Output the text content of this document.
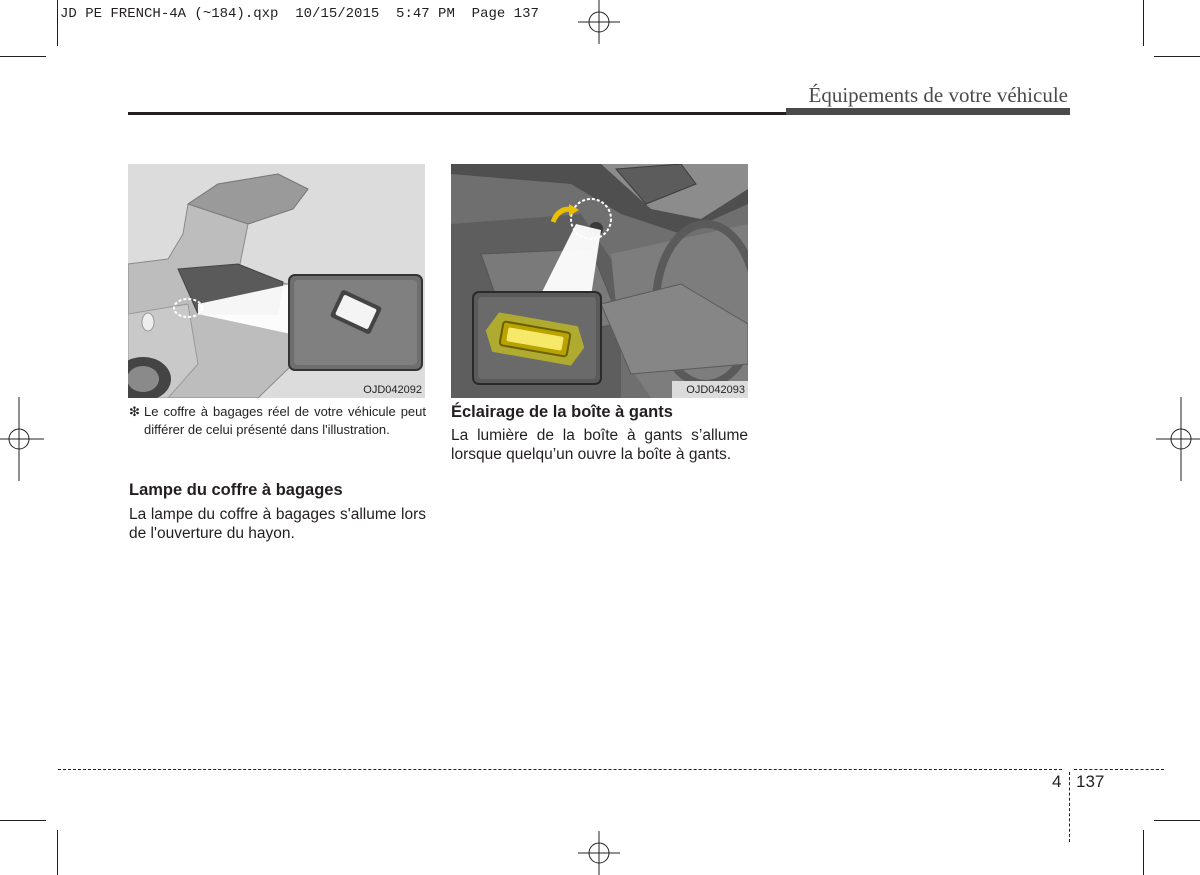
JD PE FRENCH-4A (~184).qxp  10/15/2015  5:47 PM  Page 137
Équipements de votre véhicule
OJD042092	OJD042093
❇ Le coffre à bagages réel de votre véhicule peut différer de celui présenté dans l'illustration.
Lampe du coffre à bagages
La lampe du coffre à bagages s'allume lors de l'ouverture du hayon.
Éclairage de la boîte à gants
La lumière de la boîte à gants s’allume lorsque quelqu’un ouvre la boîte à gants.
4 137
